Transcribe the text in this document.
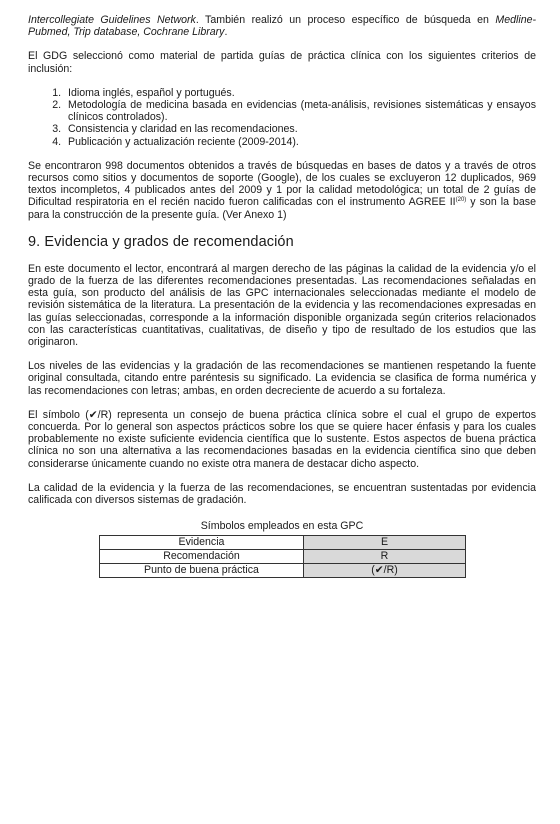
Intercollegiate Guidelines Network. También realizó un proceso específico de búsqueda en Medline-Pubmed, Trip database, Cochrane Library.

El GDG seleccionó como material de partida guías de práctica clínica con los siguientes criterios de inclusión:

1. Idioma inglés, español y portugués.
2. Metodología de medicina basada en evidencias (meta-análisis, revisiones sistemáticas y ensayos clínicos controlados).
3. Consistencia y claridad en las recomendaciones.
4. Publicación y actualización reciente (2009-2014).

Se encontraron 998 documentos obtenidos a través de búsquedas en bases de datos y a través de otros recursos como sitios y documentos de soporte (Google), de los cuales se excluyeron 12 duplicados, 969 textos incompletos, 4 publicados antes del 2009 y 1 por la calidad metodológica; un total de 2 guías de Dificultad respiratoria en el recién nacido fueron calificadas con el instrumento AGREE II$^{(20)}$ y son la base para la construcción de la presente guía. (Ver Anexo 1)

9. Evidencia y grados de recomendación

En este documento el lector, encontrará al margen derecho de las páginas la calidad de la evidencia y/o el grado de la fuerza de las diferentes recomendaciones presentadas. Las recomendaciones señaladas en esta guía, son producto del análisis de las GPC internacionales seleccionadas mediante el modelo de revisión sistemática de la literatura. La presentación de la evidencia y las recomendaciones expresadas en las guías seleccionadas, corresponde a la información disponible organizada según criterios relacionados con las características cuantitativas, cualitativas, de diseño y tipo de resultado de los estudios que las originaron.

Los niveles de las evidencias y la gradación de las recomendaciones se mantienen respetando la fuente original consultada, citando entre paréntesis su significado. La evidencia se clasifica de forma numérica y las recomendaciones con letras; ambas, en orden decreciente de acuerdo a su fortaleza.

El símbolo (✔/R) representa un consejo de buena práctica clínica sobre el cual el grupo de expertos concuerda. Por lo general son aspectos prácticos sobre los que se quiere hacer énfasis y para los cuales probablemente no existe suficiente evidencia científica que lo sustente. Estos aspectos de buena práctica clínica no son una alternativa a las recomendaciones basadas en la evidencia científica sino que deben considerarse únicamente cuando no existe otra manera de destacar dicho aspecto.

La calidad de la evidencia y la fuerza de las recomendaciones, se encuentran sustentadas por evidencia calificada con diversos sistemas de gradación.

Símbolos empleados en esta GPC
Evidencia	E
Recomendación	R
Punto de buena práctica	(✔/R)
